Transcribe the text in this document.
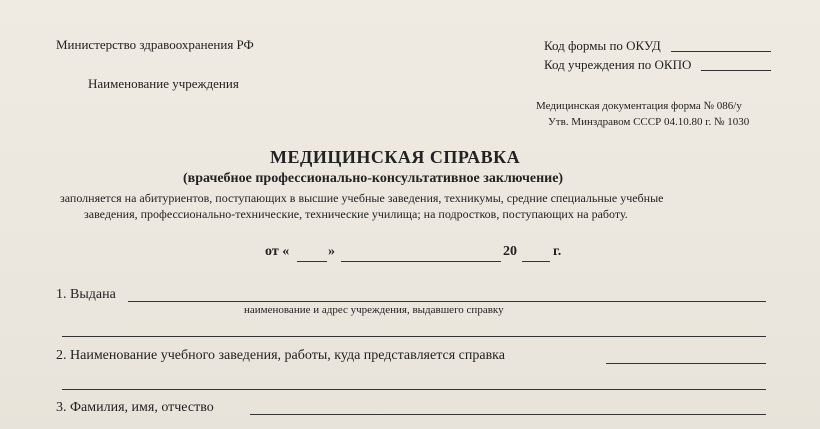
Министерство здравоохранения РФ
Наименование учреждения
Код формы по ОКУД
Код учреждения по ОКПО
Медицинская документация форма № 086/у
Утв. Минздравом СССР 04.10.80 г. № 1030
МЕДИЦИНСКАЯ СПРАВКА
(врачебное профессионально-консультативное заключение)
заполняется на абитуриентов, поступающих в высшие учебные заведения, техникумы, средние специальные учебные
заведения, профессионально-технические, технические училища; на подростков, поступающих на работу.
от «	»	20	г.
1. Выдана
наименование и адрес учреждения, выдавшего справку
2. Наименование учебного заведения, работы, куда представляется справка
3. Фамилия, имя, отчество
